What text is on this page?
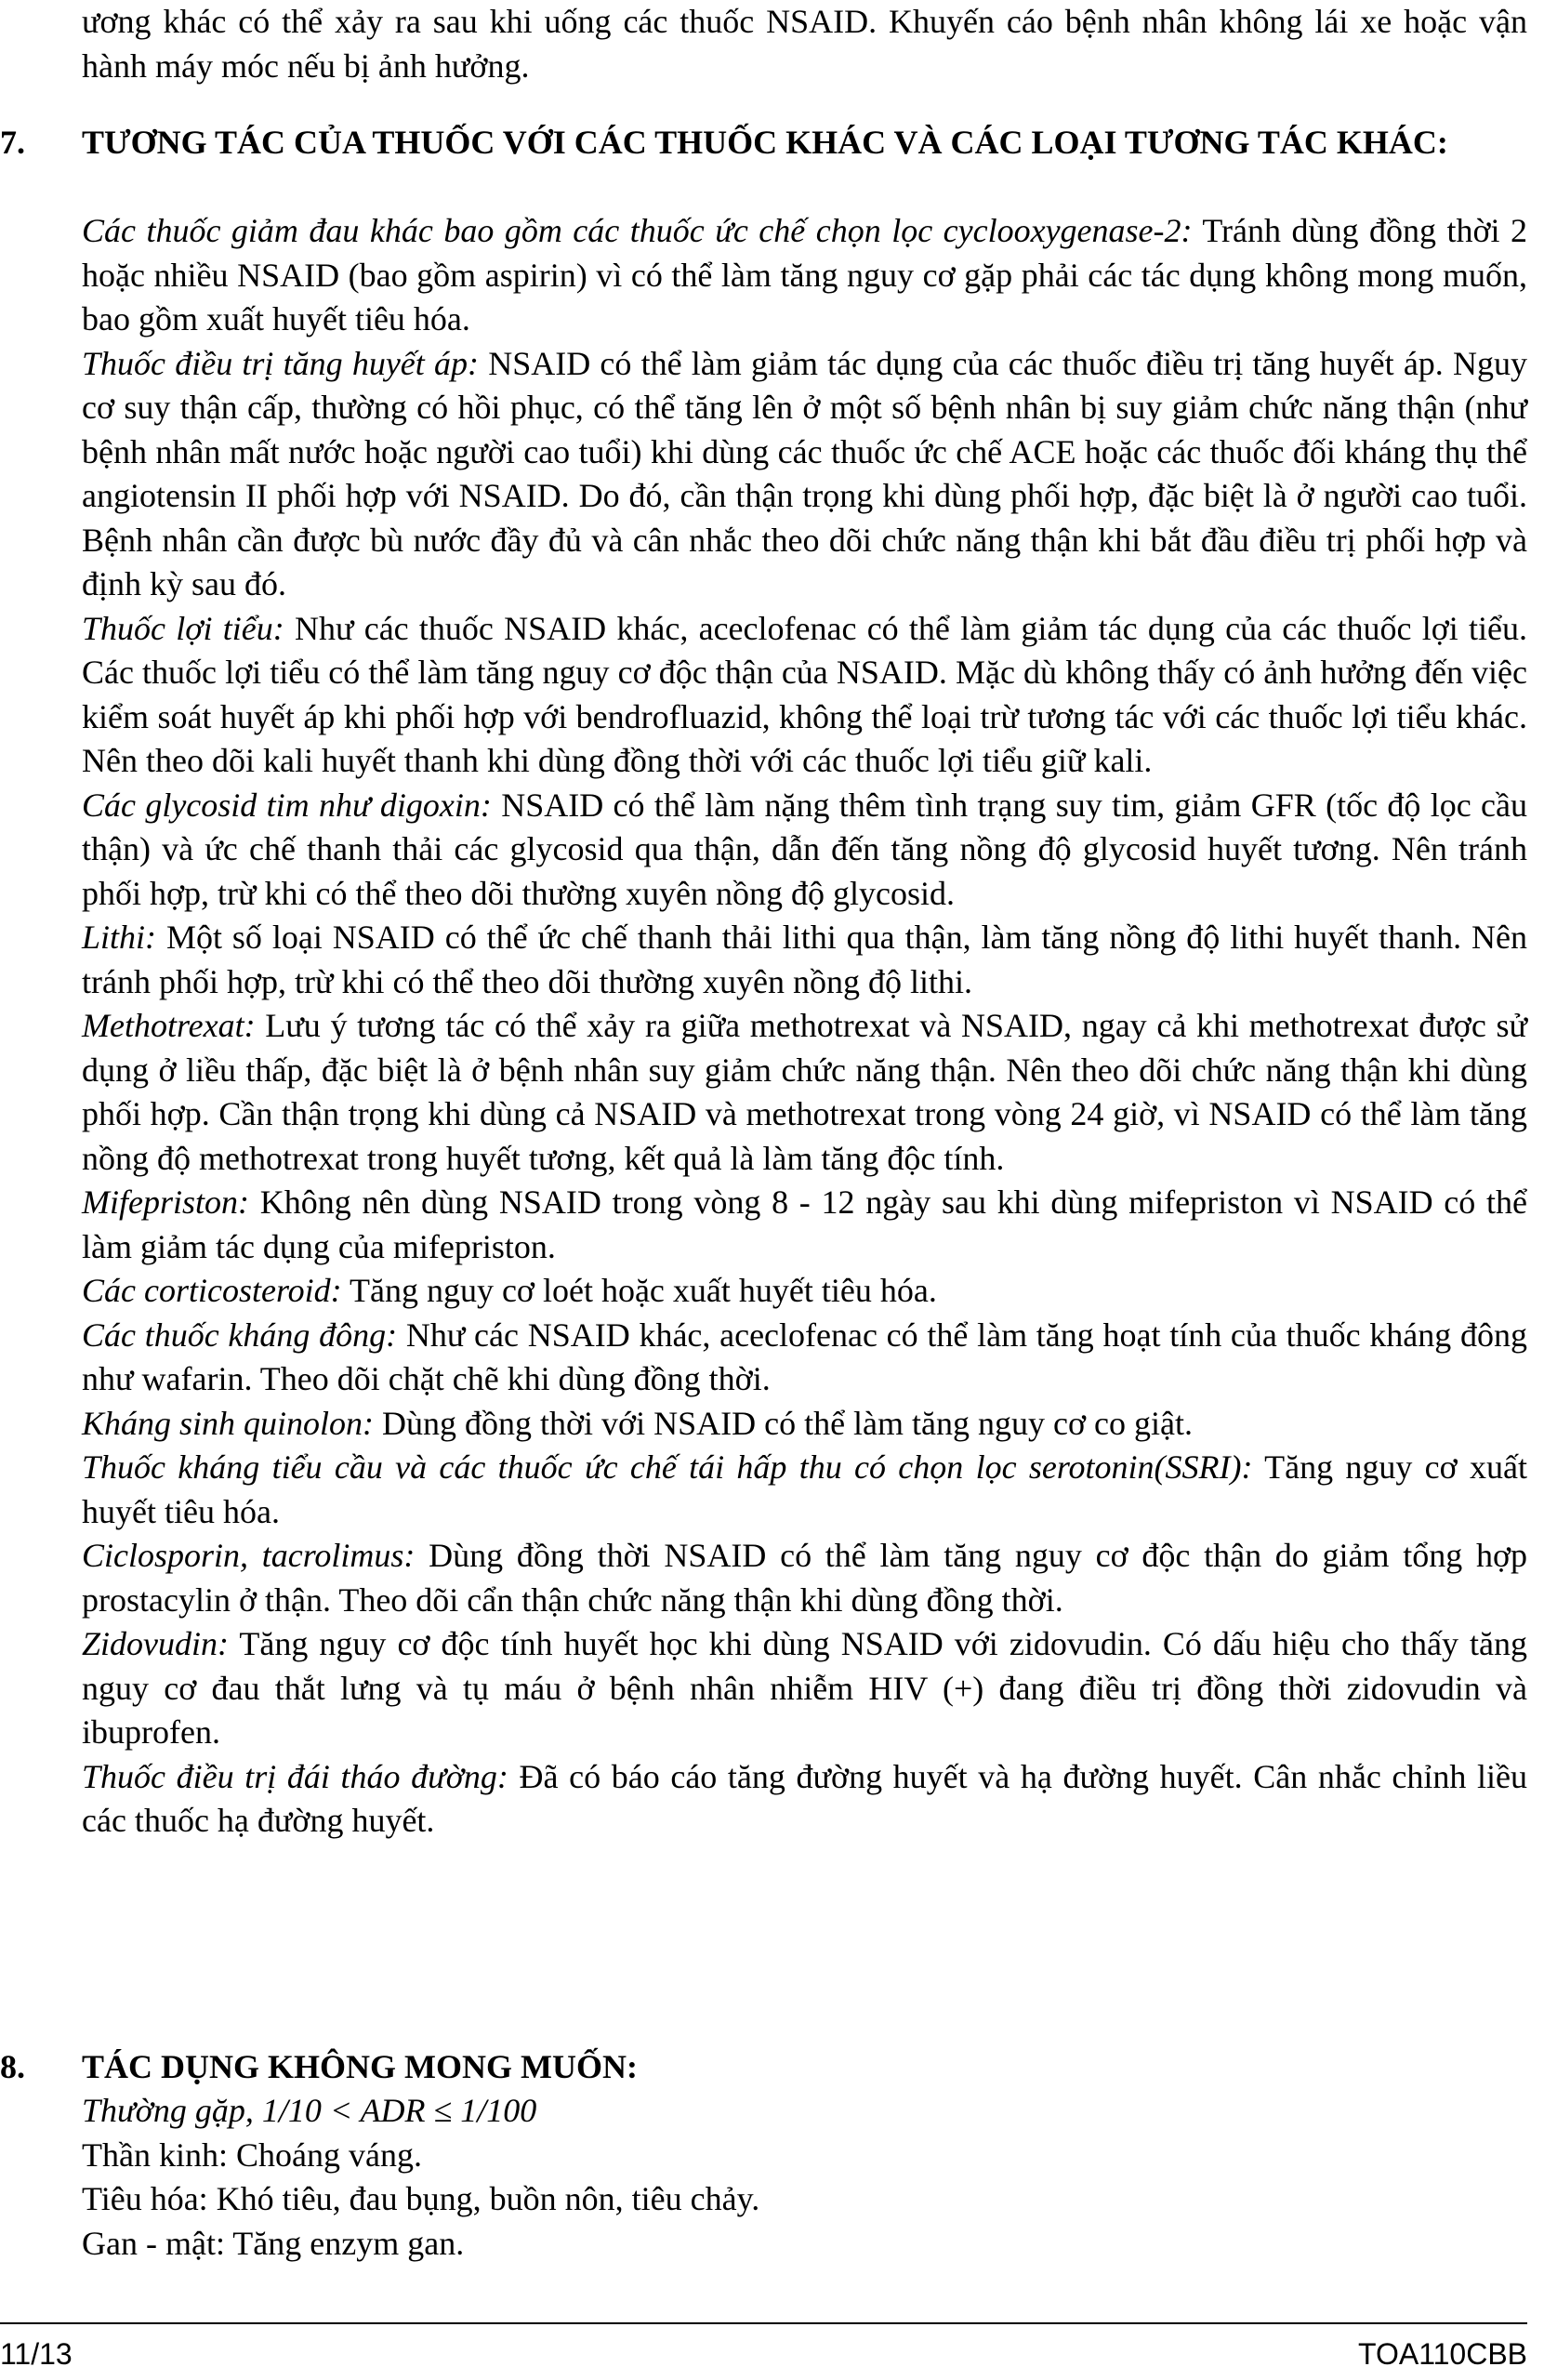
ương khác có thể xảy ra sau khi uống các thuốc NSAID. Khuyến cáo bệnh nhân không lái xe hoặc vận hành máy móc nếu bị ảnh hưởng.

7. TƯƠNG TÁC CỦA THUỐC VỚI CÁC THUỐC KHÁC VÀ CÁC LOẠI TƯƠNG TÁC KHÁC:

Các thuốc giảm đau khác bao gồm các thuốc ức chế chọn lọc cyclooxygenase-2: Tránh dùng đồng thời 2 hoặc nhiều NSAID (bao gồm aspirin) vì có thể làm tăng nguy cơ gặp phải các tác dụng không mong muốn, bao gồm xuất huyết tiêu hóa.

Thuốc điều trị tăng huyết áp: NSAID có thể làm giảm tác dụng của các thuốc điều trị tăng huyết áp. Nguy cơ suy thận cấp, thường có hồi phục, có thể tăng lên ở một số bệnh nhân bị suy giảm chức năng thận (như bệnh nhân mất nước hoặc người cao tuổi) khi dùng các thuốc ức chế ACE hoặc các thuốc đối kháng thụ thể angiotensin II phối hợp với NSAID. Do đó, cần thận trọng khi dùng phối hợp, đặc biệt là ở người cao tuổi. Bệnh nhân cần được bù nước đầy đủ và cân nhắc theo dõi chức năng thận khi bắt đầu điều trị phối hợp và định kỳ sau đó.

Thuốc lợi tiểu: Như các thuốc NSAID khác, aceclofenac có thể làm giảm tác dụng của các thuốc lợi tiểu. Các thuốc lợi tiểu có thể làm tăng nguy cơ độc thận của NSAID. Mặc dù không thấy có ảnh hưởng đến việc kiểm soát huyết áp khi phối hợp với bendrofluazid, không thể loại trừ tương tác với các thuốc lợi tiểu khác. Nên theo dõi kali huyết thanh khi dùng đồng thời với các thuốc lợi tiểu giữ kali.

Các glycosid tim như digoxin: NSAID có thể làm nặng thêm tình trạng suy tim, giảm GFR (tốc độ lọc cầu thận) và ức chế thanh thải các glycosid qua thận, dẫn đến tăng nồng độ glycosid huyết tương. Nên tránh phối hợp, trừ khi có thể theo dõi thường xuyên nồng độ glycosid.

Lithi: Một số loại NSAID có thể ức chế thanh thải lithi qua thận, làm tăng nồng độ lithi huyết thanh. Nên tránh phối hợp, trừ khi có thể theo dõi thường xuyên nồng độ lithi.

Methotrexat: Lưu ý tương tác có thể xảy ra giữa methotrexat và NSAID, ngay cả khi methotrexat được sử dụng ở liều thấp, đặc biệt là ở bệnh nhân suy giảm chức năng thận. Nên theo dõi chức năng thận khi dùng phối hợp. Cần thận trọng khi dùng cả NSAID và methotrexat trong vòng 24 giờ, vì NSAID có thể làm tăng nồng độ methotrexat trong huyết tương, kết quả là làm tăng độc tính.

Mifepriston: Không nên dùng NSAID trong vòng 8 - 12 ngày sau khi dùng mifepriston vì NSAID có thể làm giảm tác dụng của mifepriston.

Các corticosteroid: Tăng nguy cơ loét hoặc xuất huyết tiêu hóa.

Các thuốc kháng đông: Như các NSAID khác, aceclofenac có thể làm tăng hoạt tính của thuốc kháng đông như wafarin. Theo dõi chặt chẽ khi dùng đồng thời.

Kháng sinh quinolon: Dùng đồng thời với NSAID có thể làm tăng nguy cơ co giật.

Thuốc kháng tiểu cầu và các thuốc ức chế tái hấp thu có chọn lọc serotonin(SSRI): Tăng nguy cơ xuất huyết tiêu hóa.

Ciclosporin, tacrolimus: Dùng đồng thời NSAID có thể làm tăng nguy cơ độc thận do giảm tổng hợp prostacylin ở thận. Theo dõi cẩn thận chức năng thận khi dùng đồng thời.

Zidovudin: Tăng nguy cơ độc tính huyết học khi dùng NSAID với zidovudin. Có dấu hiệu cho thấy tăng nguy cơ đau thắt lưng và tụ máu ở bệnh nhân nhiễm HIV (+) đang điều trị đồng thời zidovudin và ibuprofen.

Thuốc điều trị đái tháo đường: Đã có báo cáo tăng đường huyết và hạ đường huyết. Cân nhắc chỉnh liều các thuốc hạ đường huyết.

8. TÁC DỤNG KHÔNG MONG MUỐN:

Thường gặp, 1/10 < ADR ≤ 1/100

Thần kinh: Choáng váng.

Tiêu hóa: Khó tiêu, đau bụng, buồn nôn, tiêu chảy.

Gan - mật: Tăng enzym gan.

11/13	TOA110CBB
